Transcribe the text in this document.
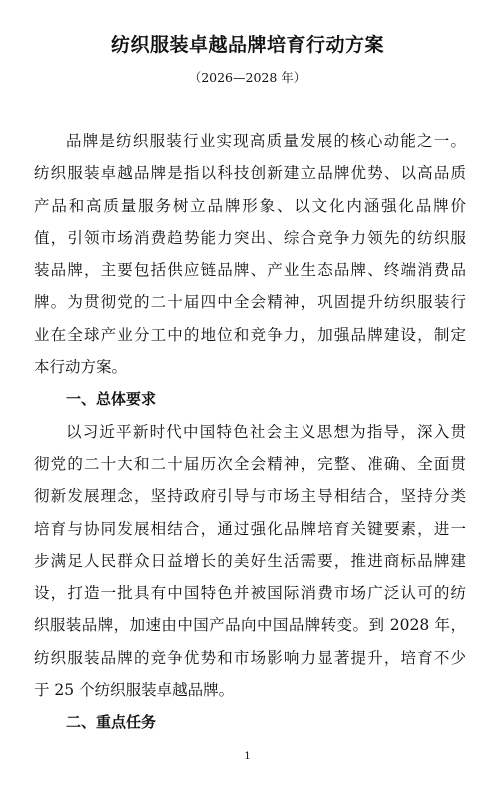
纺织服装卓越品牌培育行动方案
（2026—2028 年）
品牌是纺织服装行业实现高质量发展的核心动能之一。
纺织服装卓越品牌是指以科技创新建立品牌优势、以高品质
产品和高质量服务树立品牌形象、以文化内涵强化品牌价
值，引领市场消费趋势能力突出、综合竞争力领先的纺织服
装品牌，主要包括供应链品牌、产业生态品牌、终端消费品
牌。为贯彻党的二十届四中全会精神，巩固提升纺织服装行
业在全球产业分工中的地位和竞争力，加强品牌建设，制定
本行动方案。
一、总体要求
以习近平新时代中国特色社会主义思想为指导，深入贯
彻党的二十大和二十届历次全会精神，完整、准确、全面贯
彻新发展理念，坚持政府引导与市场主导相结合，坚持分类
培育与协同发展相结合，通过强化品牌培育关键要素，进一
步满足人民群众日益增长的美好生活需要，推进商标品牌建
设，打造一批具有中国特色并被国际消费市场广泛认可的纺
织服装品牌，加速由中国产品向中国品牌转变。到 2028 年，
纺织服装品牌的竞争优势和市场影响力显著提升，培育不少
于 25 个纺织服装卓越品牌。
二、重点任务
1
